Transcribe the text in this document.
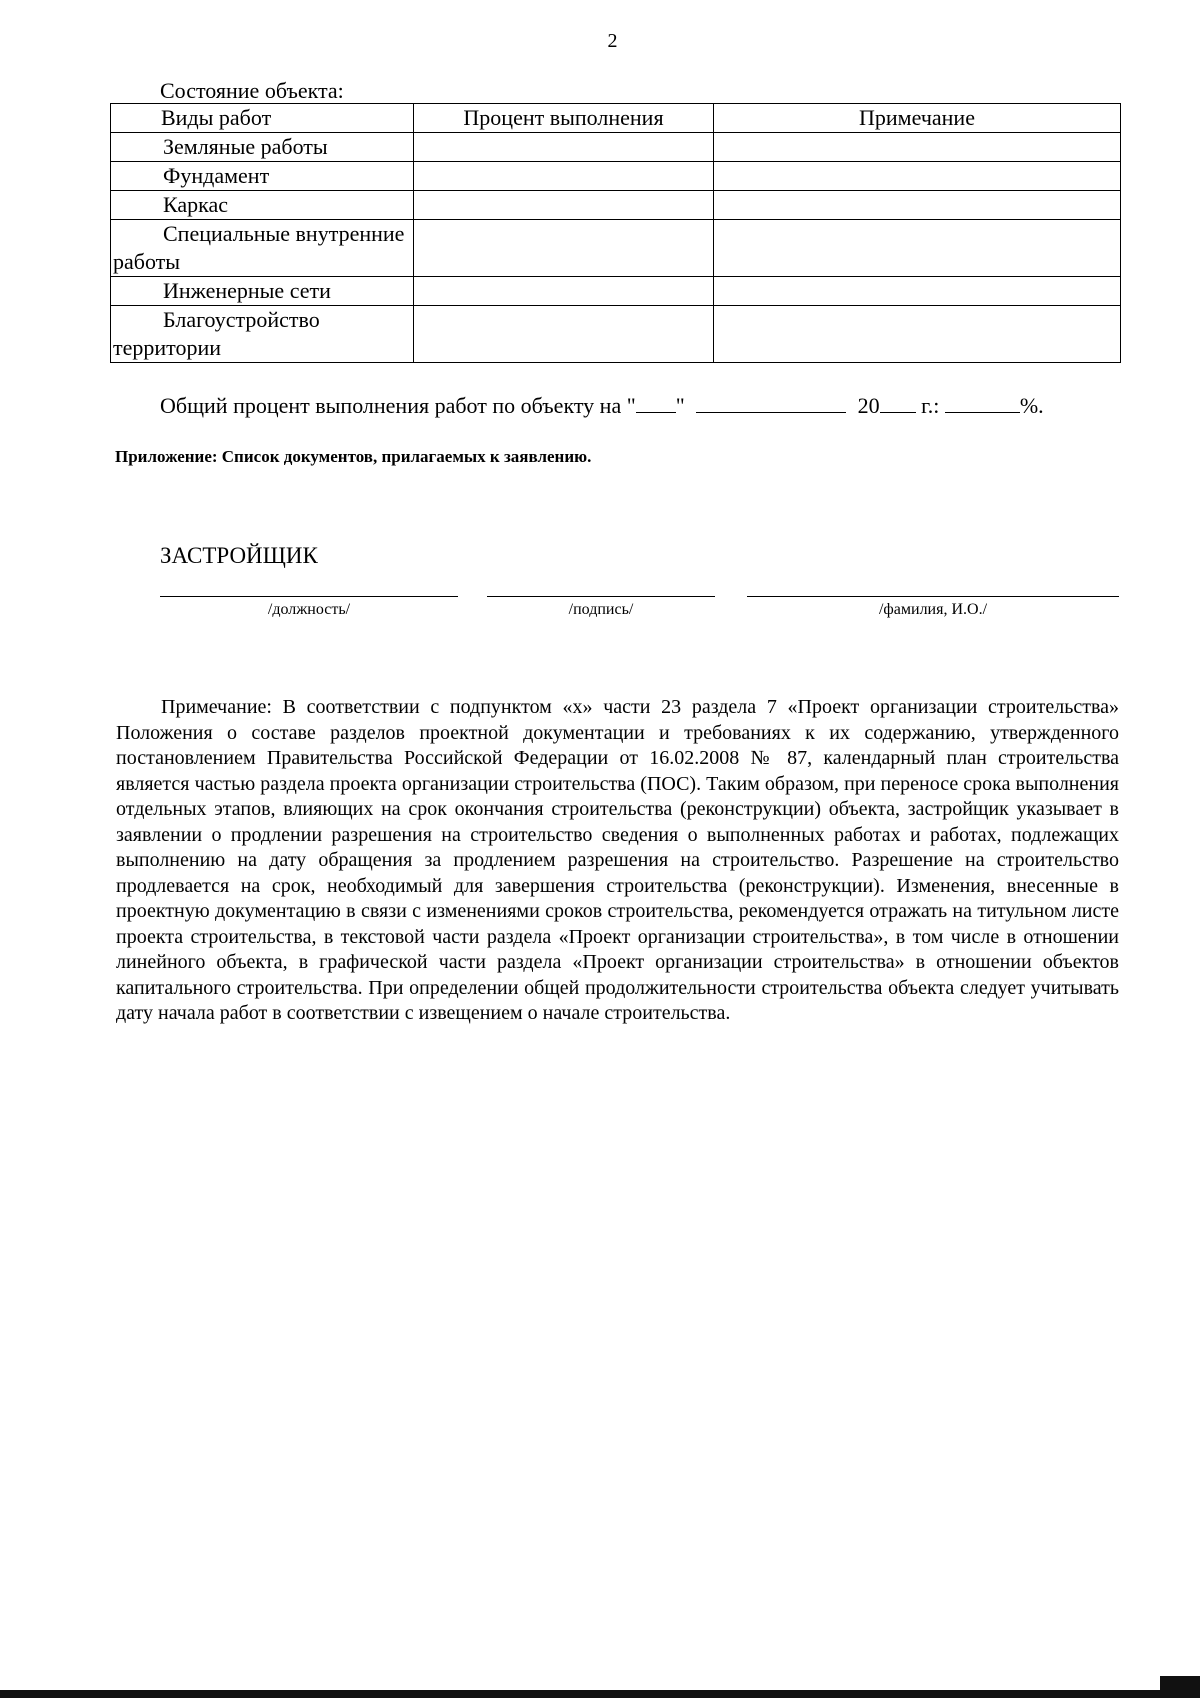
2
Состояние объекта:
Виды работ	Процент выполнения	Примечание
Земляные работы		
Фундамент		
Каркас		
Специальные внутренние работы		
Инженерные сети		
Благоустройство территории		
Общий процент выполнения работ по объекту на " "	20 г.:	%.
Приложение: Список документов, прилагаемых к заявлению.
ЗАСТРОЙЩИК
/должность/	/подпись/	/фамилия, И.О./

Примечание: В соответствии с подпунктом «х» части 23 раздела 7 «Проект организации строительства» Положения о составе разделов проектной документации и требованиях к их содержанию, утвержденного постановлением Правительства Российской Федерации от 16.02.2008 № 87, календарный план строительства является частью раздела проекта организации строительства (ПОС). Таким образом, при переносе срока выполнения отдельных этапов, влияющих на срок окончания строительства (реконструкции) объекта, застройщик указывает в заявлении о продлении разрешения на строительство сведения о выполненных работах и работах, подлежащих выполнению на дату обращения за продлением разрешения на строительство. Разрешение на строительство продлевается на срок, необходимый для завершения строительства (реконструкции). Изменения, внесенные в проектную документацию в связи с изменениями сроков строительства, рекомендуется отражать на титульном листе проекта строительства, в текстовой части раздела «Проект организации строительства», в том числе в отношении линейного объекта, в графической части раздела «Проект организации строительства» в отношении объектов капитального строительства. При определении общей продолжительности строительства объекта следует учитывать дату начала работ в соответствии с извещением о начале строительства.
